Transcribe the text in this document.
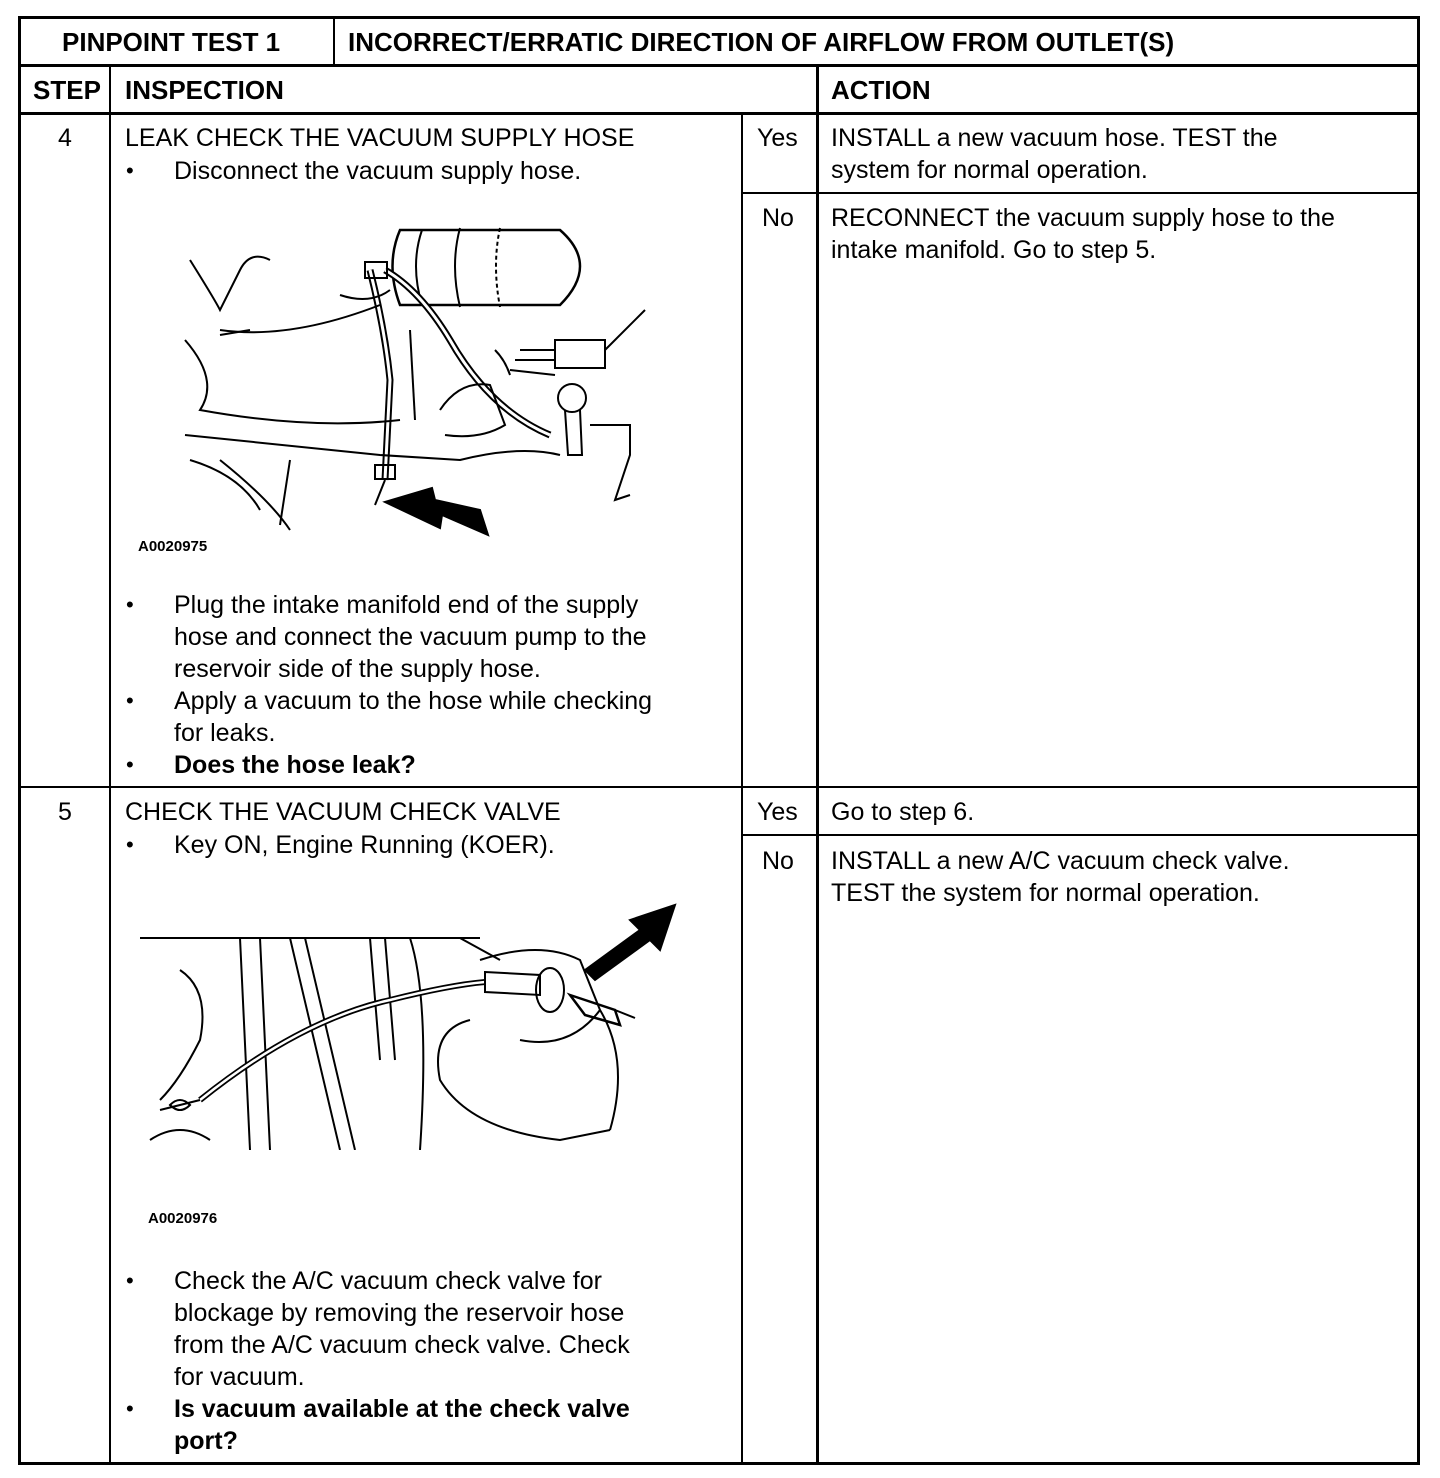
PINPOINT TEST 1	INCORRECT/ERRATIC DIRECTION OF AIRFLOW FROM OUTLET(S)
STEP INSPECTION	ACTION
4 LEAK CHECK THE VACUUM SUPPLY HOSE
• Disconnect the vacuum supply hose.
A0020975
• Plug the intake manifold end of the supply
hose and connect the vacuum pump to the
reservoir side of the supply hose.
• Apply a vacuum to the hose while checking
for leaks.
• Does the hose leak?
Yes INSTALL a new vacuum hose. TEST the
system for normal operation.
No RECONNECT the vacuum supply hose to the
intake manifold. Go to step 5.
5 CHECK THE VACUUM CHECK VALVE
• Key ON, Engine Running (KOER).
A0020976
• Check the A/C vacuum check valve for
blockage by removing the reservoir hose
from the A/C vacuum check valve. Check
for vacuum.
• Is vacuum available at the check valve
port?
Yes Go to step 6.
No INSTALL a new A/C vacuum check valve.
TEST the system for normal operation.
